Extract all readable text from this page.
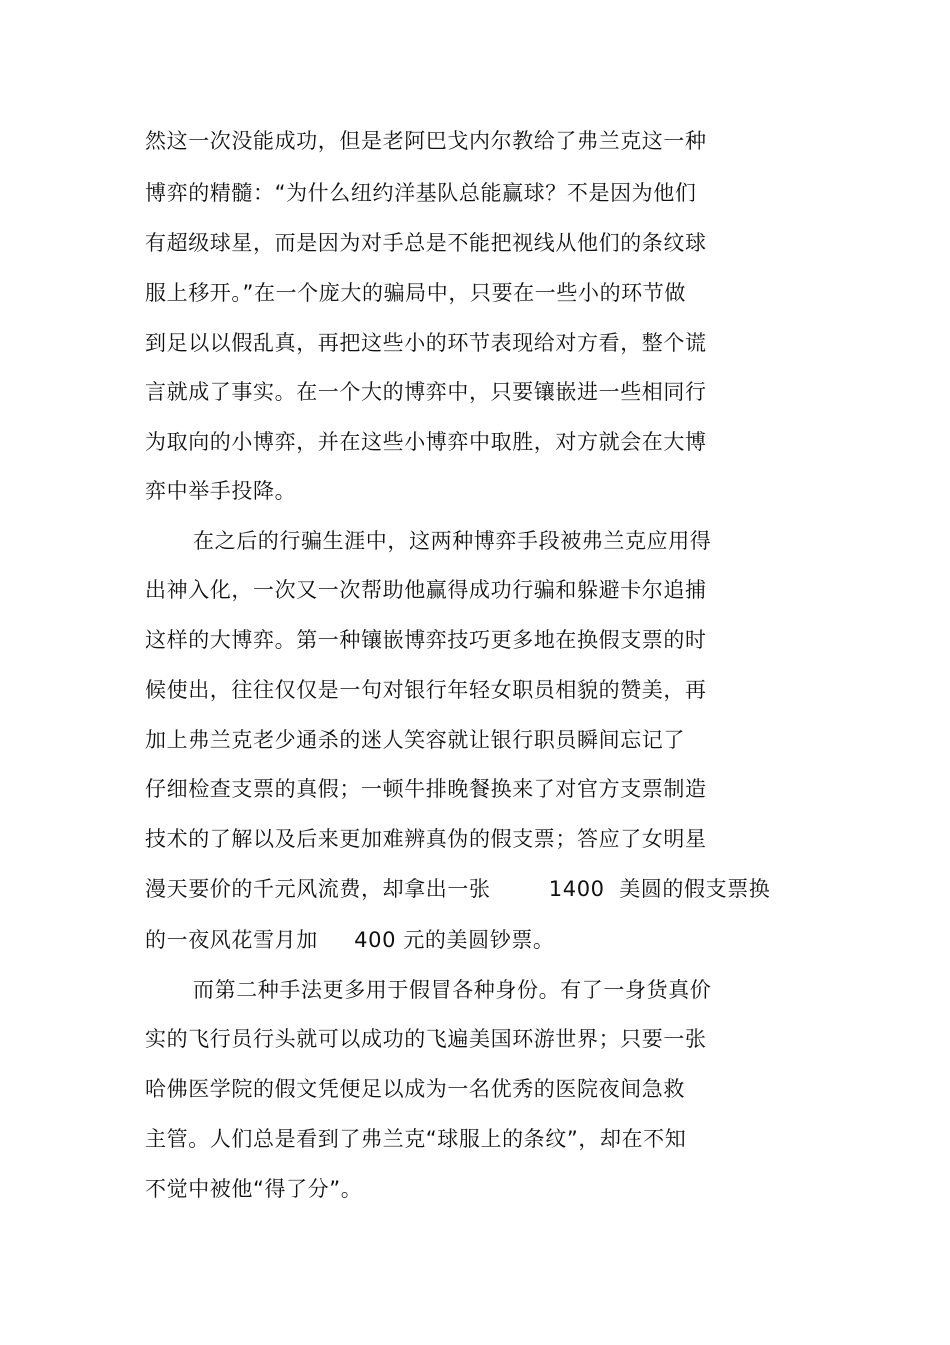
然这一次没能成功，但是老阿巴戈内尔教给了弗兰克这一种
博弈的精髓：“为什么纽约洋基队总能赢球？不是因为他们
有超级球星，而是因为对手总是不能把视线从他们的条纹球
服上移开。”在一个庞大的骗局中，只要在一些小的环节做
到足以以假乱真，再把这些小的环节表现给对方看，整个谎
言就成了事实。在一个大的博弈中，只要镶嵌进一些相同行
为取向的小博弈，并在这些小博弈中取胜，对方就会在大博
弈中举手投降。
在之后的行骗生涯中，这两种博弈手段被弗兰克应用得
出神入化，一次又一次帮助他赢得成功行骗和躲避卡尔追捕
这样的大博弈。第一种镶嵌博弈技巧更多地在换假支票的时
候使出，往往仅仅是一句对银行年轻女职员相貌的赞美，再
加上弗兰克老少通杀的迷人笑容就让银行职员瞬间忘记了
仔细检查支票的真假；一顿牛排晚餐换来了对官方支票制造
技术的了解以及后来更加难辨真伪的假支票；答应了女明星
漫天要价的千元风流费，却拿出一张        1400  美圆的假支票换
的一夜风花雪月加     400 元的美圆钞票。
而第二种手法更多用于假冒各种身份。有了一身货真价
实的飞行员行头就可以成功的飞遍美国环游世界；只要一张
哈佛医学院的假文凭便足以成为一名优秀的医院夜间急救
主管。人们总是看到了弗兰克“球服上的条纹”，却在不知
不觉中被他“得了分”。
